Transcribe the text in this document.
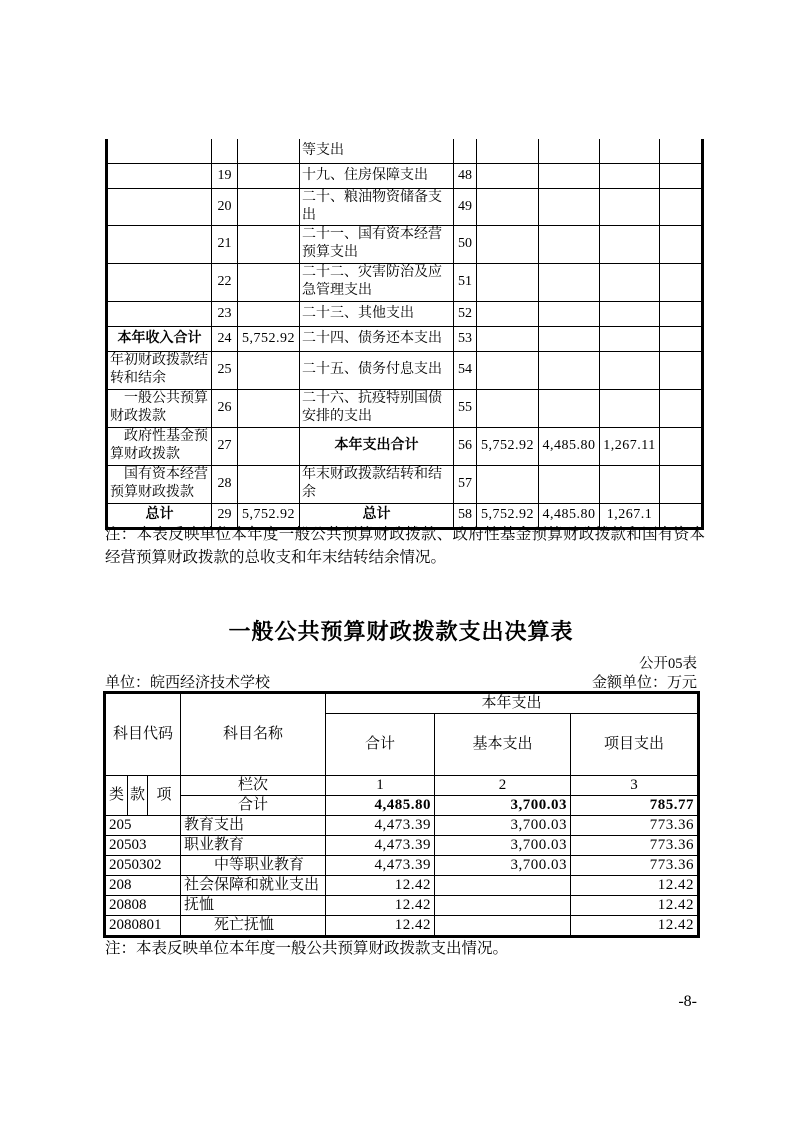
			等支出					
	19		十九、住房保障支出	48				
	20		二十、粮油物资储备支出	49				
	21		二十一、国有资本经营预算支出	50				
	22		二十二、灾害防治及应急管理支出	51				
	23		二十三、其他支出	52				
本年收入合计	24	5,752.92	二十四、债务还本支出	53				
年初财政拨款结转和结余	25		二十五、债务付息支出	54				
　一般公共预算财政拨款	26		二十六、抗疫特别国债安排的支出	55				
　政府性基金预算财政拨款	27		本年支出合计	56	5,752.92	4,485.80	1,267.11	
　国有资本经营预算财政拨款	28		年末财政拨款结转和结余	57				
总计	29	5,752.92	总计	58	5,752.92	4,485.80	1,267.1	
注：本表反映单位本年度一般公共预算财政拨款、政府性基金预算财政拨款和国有资本经营预算财政拨款的总收支和年末结转结余情况。
一般公共预算财政拨款支出决算表
公开05表
单位：皖西经济技术学校	金额单位：万元
科目代码			科目名称	本年支出		
				合计	基本支出	项目支出
类	款	项	栏次	1	2	3
			合计	4,485.80	3,700.03	785.77
205			教育支出	4,473.39	3,700.03	773.36
20503			职业教育	4,473.39	3,700.03	773.36
2050302			　　中等职业教育	4,473.39	3,700.03	773.36
208			社会保障和就业支出	12.42		12.42
20808			抚恤	12.42		12.42
2080801			　　死亡抚恤	12.42		12.42
注：本表反映单位本年度一般公共预算财政拨款支出情况。
-8-
